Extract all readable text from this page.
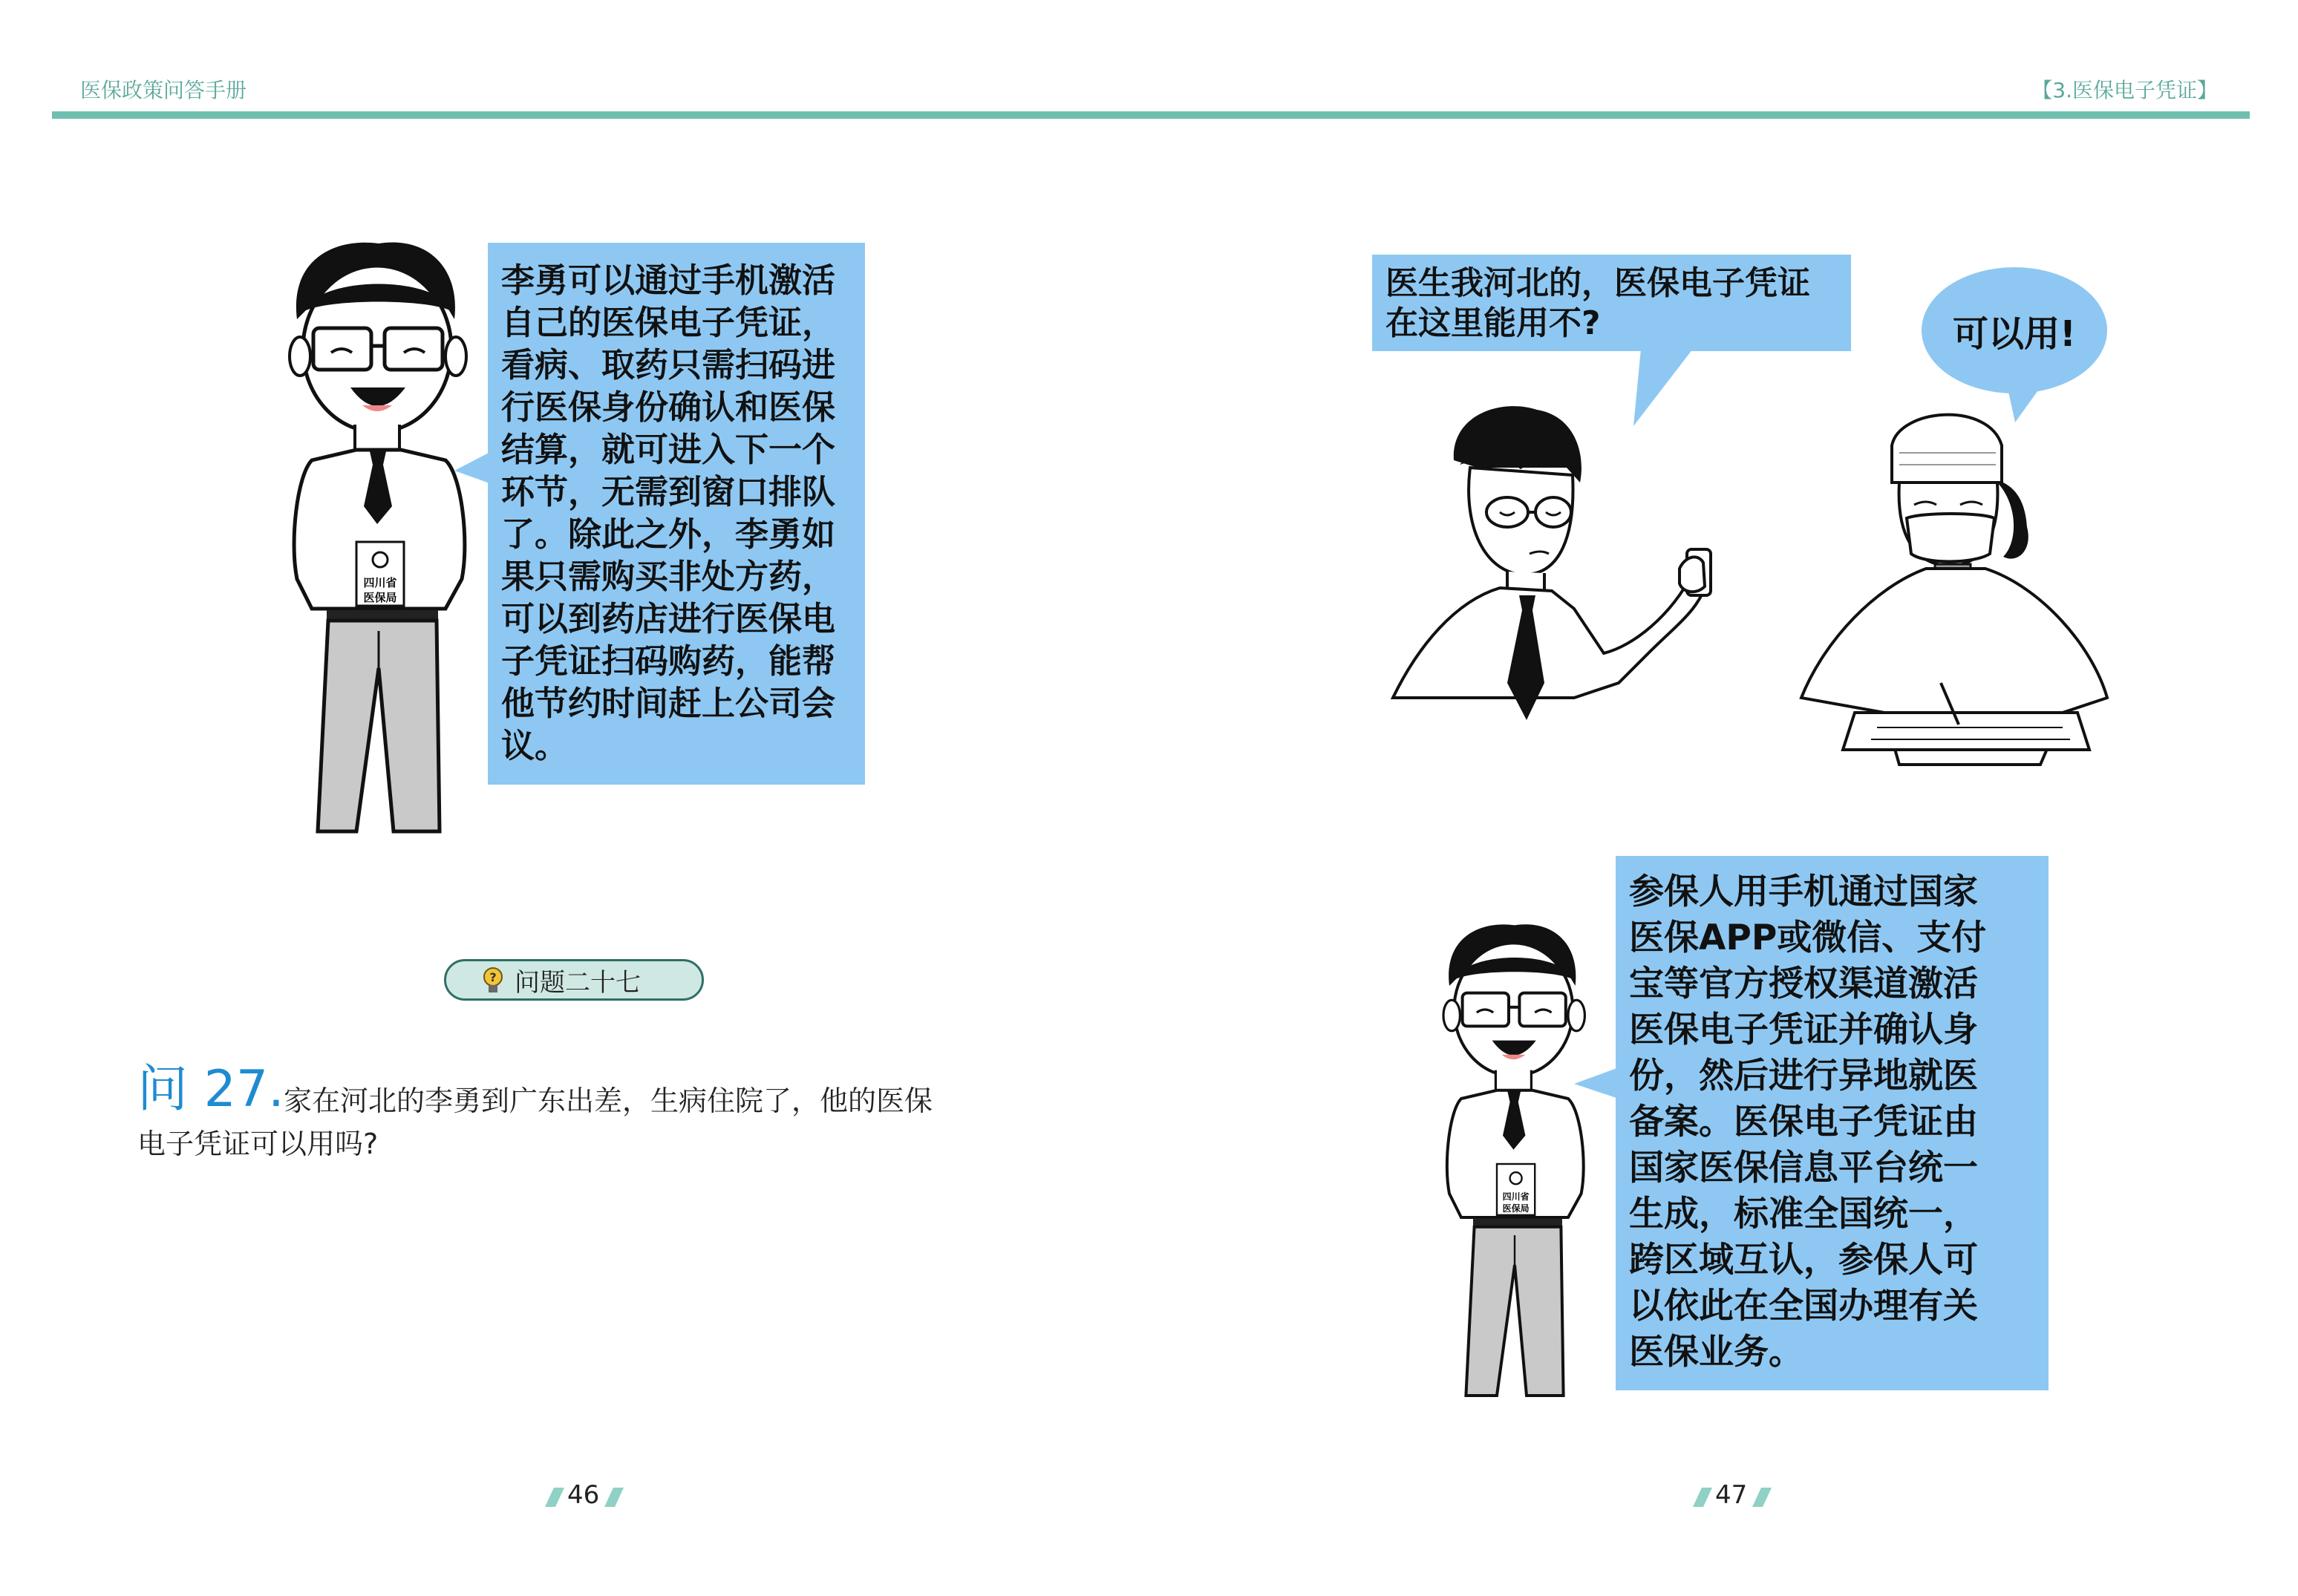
医保政策问答手册	【3.医保电子凭证】
四川省
医保局
李勇可以通过手机激活
自己的医保电子凭证，
看病、取药只需扫码进
行医保身份确认和医保
结算，就可进入下一个
环节，无需到窗口排队
了。除此之外，李勇如
果只需购买非处方药，
可以到药店进行医保电
子凭证扫码购药，能帮
他节约时间赶上公司会
议。
? 问题二十七
问 27. 家在河北的李勇到广东出差，生病住院了，他的医保
电子凭证可以用吗?
46
医生我河北的，医保电子凭证
在这里能用不?	可以用!
参保人用手机通过国家
医保APP或微信、支付
宝等官方授权渠道激活
医保电子凭证并确认身
份，然后进行异地就医
备案。医保电子凭证由
国家医保信息平台统一
生成，标准全国统一，
跨区域互认，参保人可
以依此在全国办理有关
医保业务。
四川省
医保局
47
